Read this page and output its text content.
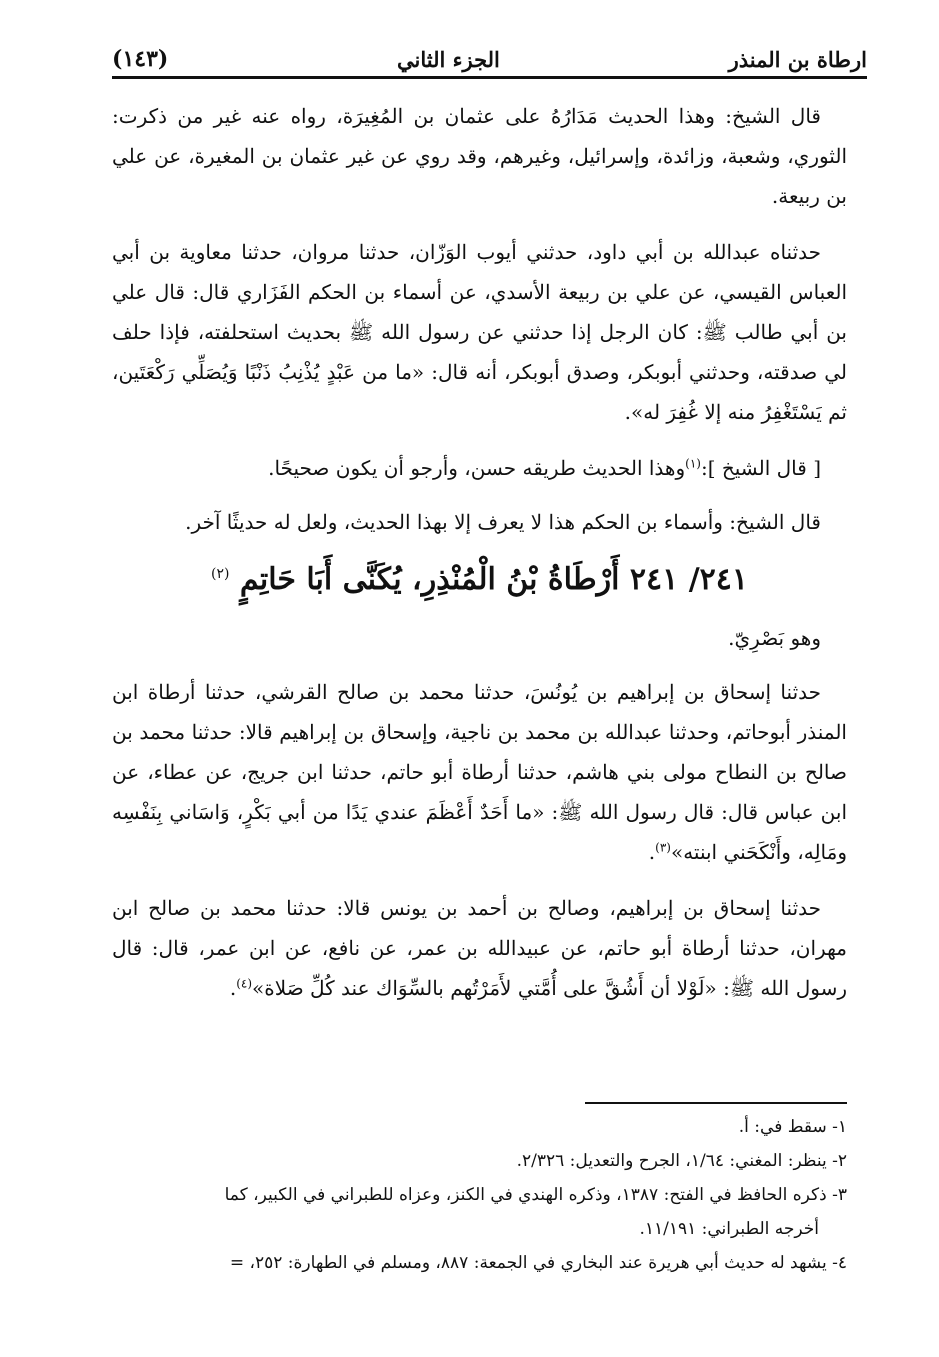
ارطاة بن المنذر
الجزء الثاني
(١٤٣)

قال الشيخ: وهذا الحديث مَدَارُهُ على عثمان بن المُغِيرَة، رواه عنه غير من ذكرت: الثوري، وشعبة، وزائدة، وإسرائيل، وغيرهم، وقد روي عن غير عثمان بن المغيرة، عن علي بن ربيعة.

حدثناه عبدالله بن أبي داود، حدثني أيوب الوَزّان، حدثنا مروان، حدثنا معاوية بن أبي العباس القيسي، عن علي بن ربيعة الأسدي، عن أسماء بن الحكم الفَزَاري قال: قال علي بن أبي طالب ﷺ: كان الرجل إذا حدثني عن رسول الله ﷺ بحديث استحلفته، فإذا حلف لي صدقته، وحدثني أبوبكر، وصدق أبوبكر، أنه قال: «ما من عَبْدٍ يُذْنِبُ ذَنْبًا وَيُصَلِّي رَكْعَتَين، ثم يَسْتَغْفِرُ منه إلا غُفِرَ له».

[ قال الشيخ ]:$^{(١)}$وهذا الحديث طريقه حسن، وأرجو أن يكون صحيحًا.

قال الشيخ: وأسماء بن الحكم هذا لا يعرف إلا بهذا الحديث، ولعل له حديثًا آخر.

٢٤١/ ٢٤١ أَرْطَاةُ بْنُ الْمُنْذِرِ، يُكَنَّى أَبَا حَاتِمٍ $^{(٢)}$

وهو بَصْرِيّ.

حدثنا إسحاق بن إبراهيم بن يُونُسَ، حدثنا محمد بن صالح القرشي، حدثنا أرطاة ابن المنذر أبوحاتم، وحدثنا عبدالله بن محمد بن ناجية، وإسحاق بن إبراهيم قالا: حدثنا محمد بن صالح بن النطاح مولى بني هاشم، حدثنا أرطاة أبو حاتم، حدثنا ابن جريج، عن عطاء، عن ابن عباس قال: قال رسول الله ﷺ: «ما أَحَدٌ أَعْظَمَ عندي يَدًا من أبي بَكْرٍ، وَاسَاني بِنَفْسِه ومَالِه، وأَنْكَحَني ابنته»$^{(٣)}$.

حدثنا إسحاق بن إبراهيم، وصالح بن أحمد بن يونس قالا: حدثنا محمد بن صالح ابن مهران، حدثنا أرطاة أبو حاتم، عن عبيدالله بن عمر، عن نافع، عن ابن عمر، قال: قال رسول الله ﷺ: «لَوْلا أن أَشُقَّ على أُمَّتي لأَمَرْتُهم بالسِّوَاك عند كُلِّ صَلاة»$^{(٤)}$.

١- سقط في: أ.

٢- ينظر: المغني: ١/٦٤، الجرح والتعديل: ٢/٣٢٦.

٣- ذكره الحافظ في الفتح: ١٣٨٧، وذكره الهندي في الكنز، وعزاه للطبراني في الكبير، كما

أخرجه الطبراني: ١١/١٩١.

٤- يشهد له حديث أبي هريرة عند البخاري في الجمعة: ٨٨٧، ومسلم في الطهارة: ٢٥٢، =
